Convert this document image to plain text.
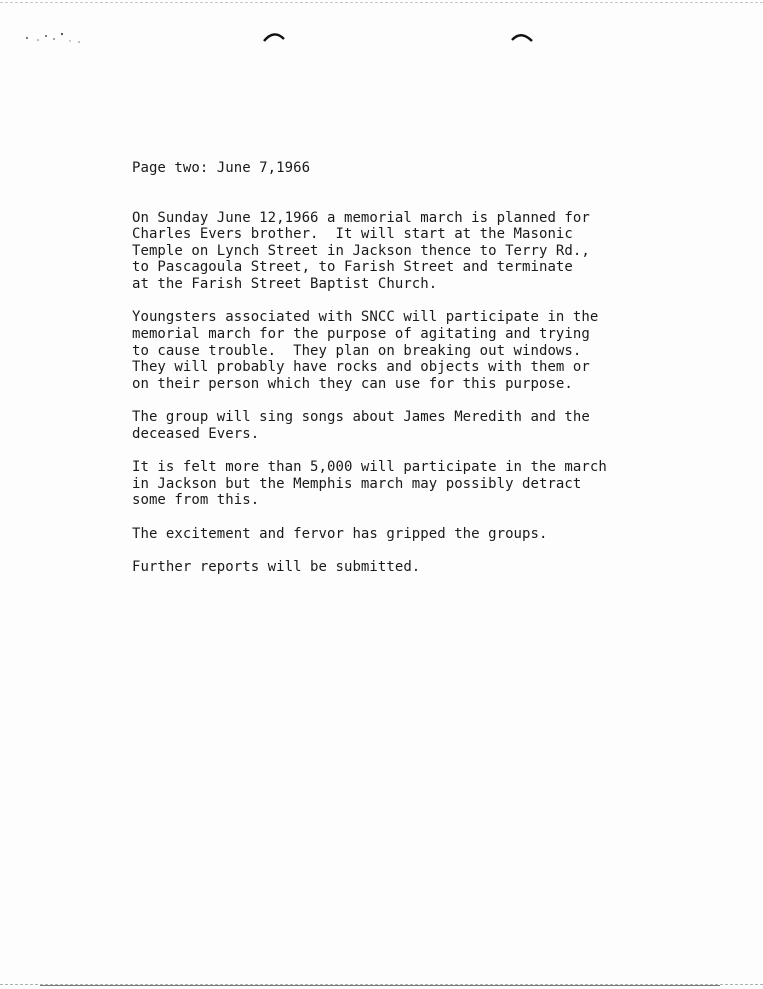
Page two: June 7,1966
On Sunday June 12,1966 a memorial march is planned for
Charles Evers brother.  It will start at the Masonic
Temple on Lynch Street in Jackson thence to Terry Rd.,
to Pascagoula Street, to Farish Street and terminate
at the Farish Street Baptist Church.
Youngsters associated with SNCC will participate in the
memorial march for the purpose of agitating and trying
to cause trouble.  They plan on breaking out windows.
They will probably have rocks and objects with them or
on their person which they can use for this purpose.
The group will sing songs about James Meredith and the
deceased Evers.
It is felt more than 5,000 will participate in the march
in Jackson but the Memphis march may possibly detract
some from this.
The excitement and fervor has gripped the groups.
Further reports will be submitted.
